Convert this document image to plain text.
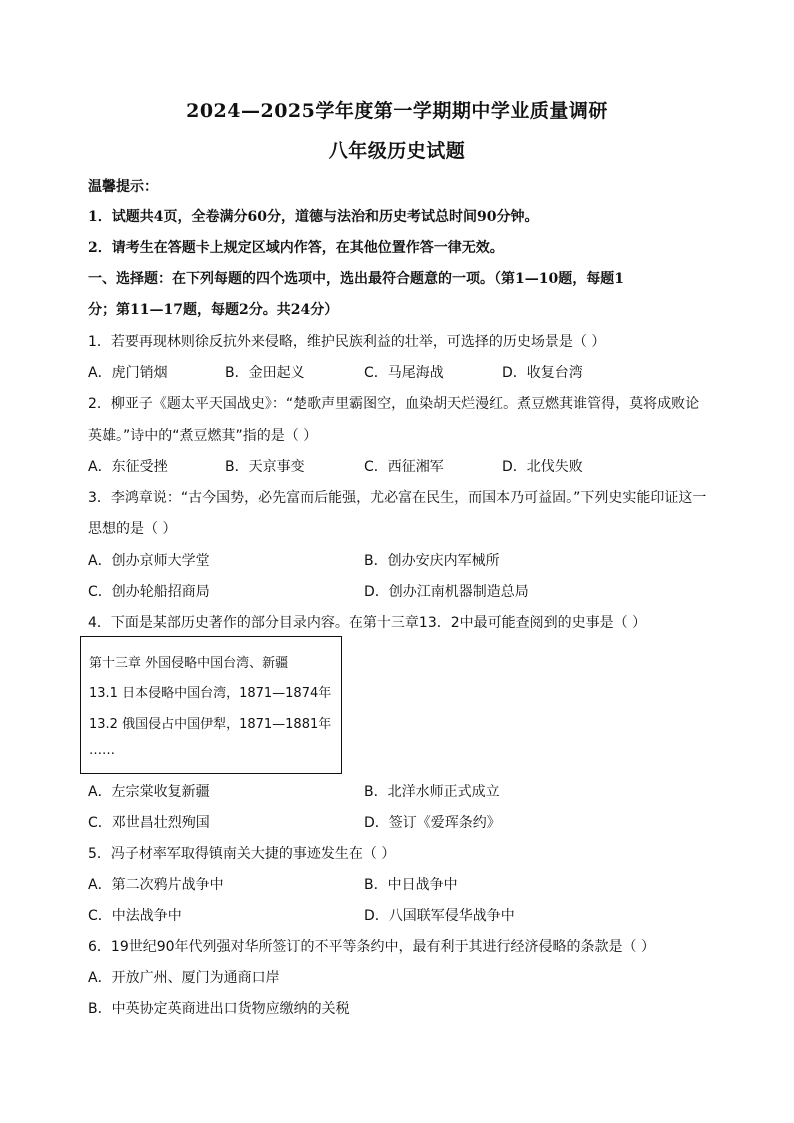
2024—2025学年度第一学期期中学业质量调研
八年级历史试题
温馨提示：
1．试题共4页，全卷满分60分，道德与法治和历史考试总时间90分钟。
2．请考生在答题卡上规定区域内作答，在其他位置作答一律无效。
一、选择题：在下列每题的四个选项中，选出最符合题意的一项。（第1—10题，每题1
分；第11—17题，每题2分。共24分）
1．若要再现林则徐反抗外来侵略，维护民族利益的壮举，可选择的历史场景是（ ）
A．虎门销烟	B．金田起义	C．马尾海战	D．收复台湾
2．柳亚子《题太平天国战史》：“楚歌声里霸图空，血染胡天烂漫红。煮豆燃萁谁管得，莫将成败论
英雄。”诗中的“煮豆燃萁”指的是（ ）
A．东征受挫	B．天京事变	C．西征湘军	D．北伐失败
3．李鸿章说：“古今国势，必先富而后能强，尤必富在民生，而国本乃可益固。”下列史实能印证这一
思想的是（ ）
A．创办京师大学堂	B．创办安庆内军械所
C．创办轮船招商局	D．创办江南机器制造总局
4．下面是某部历史著作的部分目录内容。在第十三章13．2中最可能查阅到的史事是（ ）
第十三章 外国侵略中国台湾、新疆
13.1 日本侵略中国台湾，1871—1874年
13.2 俄国侵占中国伊犁，1871—1881年
……
A．左宗棠收复新疆	B．北洋水师正式成立
C．邓世昌壮烈殉国	D．签订《爱珲条约》
5．冯子材率军取得镇南关大捷的事迹发生在（ ）
A．第二次鸦片战争中	B．中日战争中
C．中法战争中	D．八国联军侵华战争中
6．19世纪90年代列强对华所签订的不平等条约中，最有利于其进行经济侵略的条款是（ ）
A．开放广州、厦门为通商口岸
B．中英协定英商进出口货物应缴纳的关税
